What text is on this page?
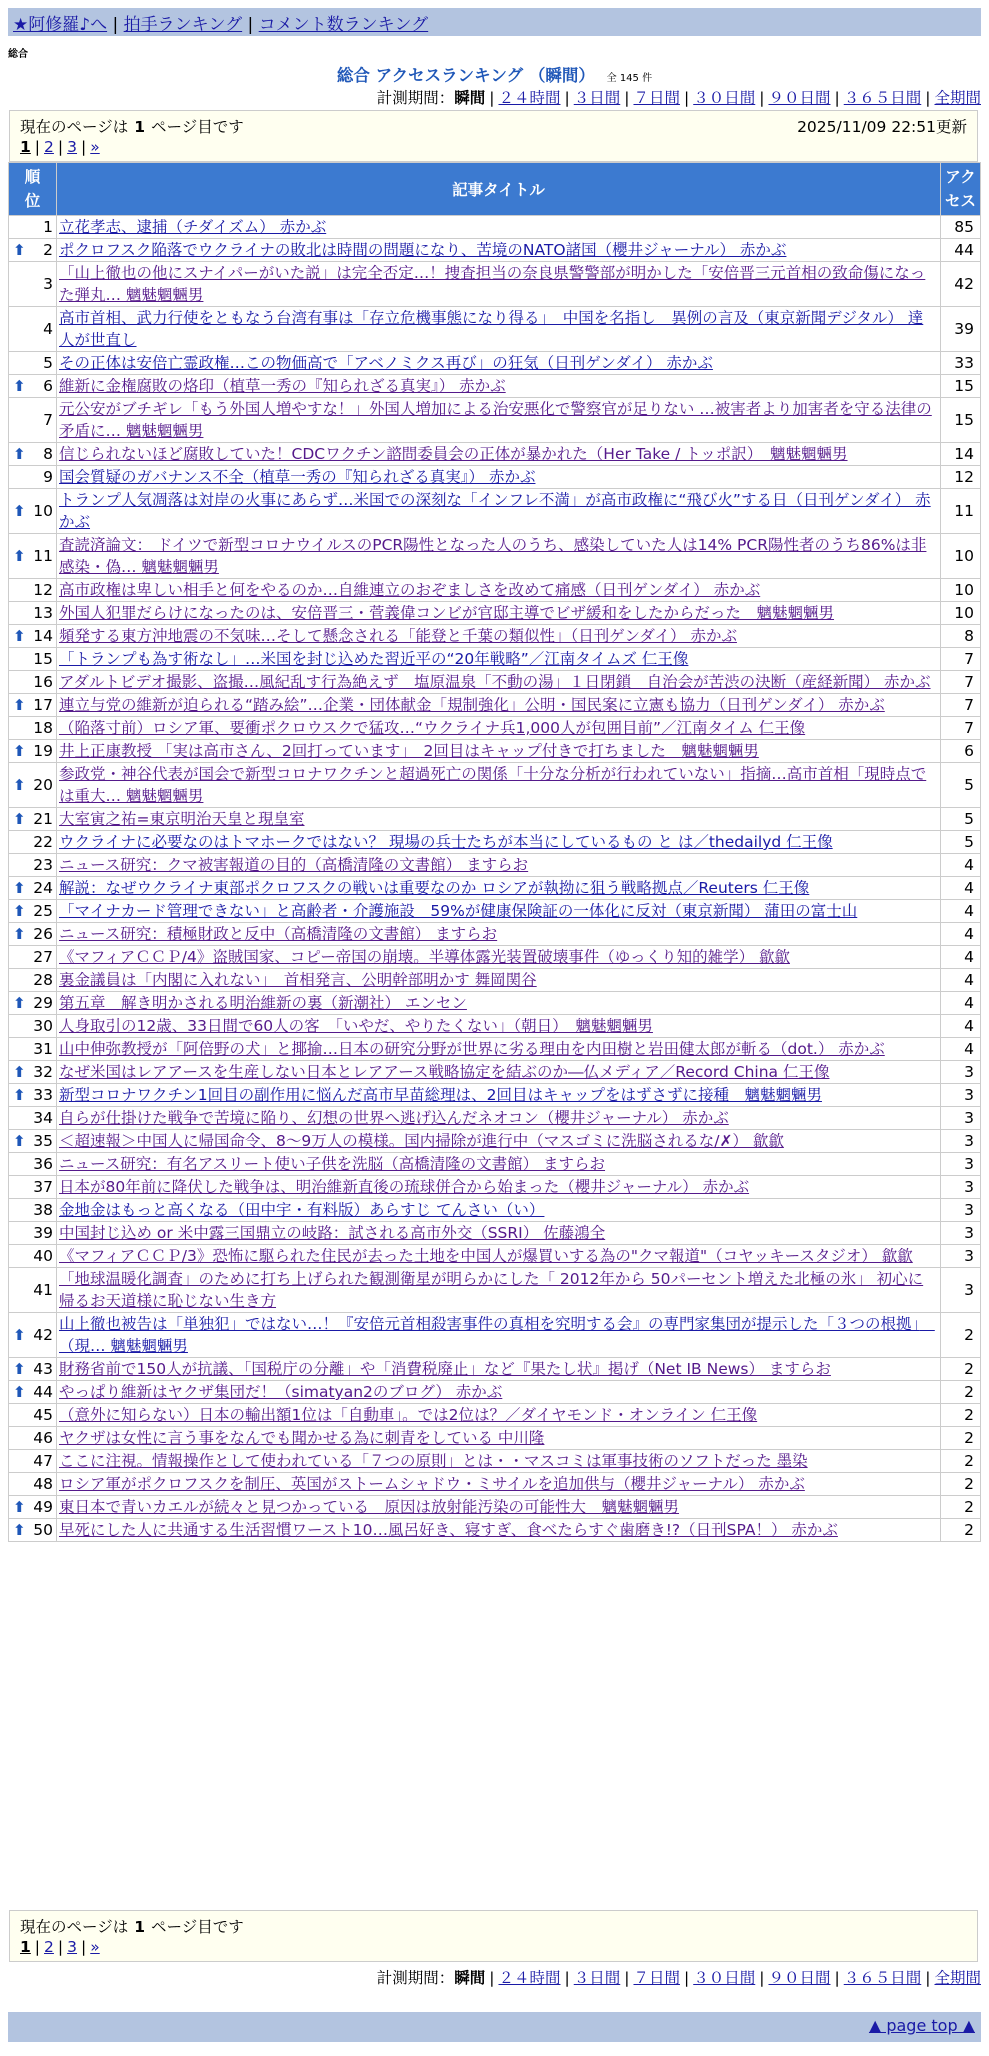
★阿修羅♪へ | 拍手ランキング | コメント数ランキング
総合
総合 アクセスランキング （瞬間） 全 145 件
計測期間：瞬間 | ２４時間 | ３日間 | ７日間 | ３０日間 | ９０日間 | ３６５日間 | 全期間
現在のページは 1 ページ目です	2025/11/09 22:51更新
1 | 2 | 3 | »
順位	記事タイトル	アクセス
1	立花孝志、逮捕（チダイズム） 赤かぶ	85

⬆ 2	ポクロフスク陥落でウクライナの敗北は時間の問題になり、苦境のNATO諸国（櫻井ジャーナル） 赤かぶ	44
3	「山上徹也の他にスナイパーがいた説」は完全否定…！捜査担当の奈良県警警部が明かした「安倍晋三元首相の致命傷になった弾丸… 魑魅魍魎男	42
4	高市首相、武力行使をともなう台湾有事は「存立危機事態になり得る」　中国を名指し　異例の言及（東京新聞デジタル） 達人が世直し	39
5	その正体は安倍亡霊政権…この物価高で「アベノミクス再び」の狂気（日刊ゲンダイ） 赤かぶ	33

⬆ 6	維新に金権腐敗の烙印（植草一秀の『知られざる真実』） 赤かぶ	15
7	元公安がブチギレ「もう外国人増やすな！」外国人増加による治安悪化で警察官が足りない …被害者より加害者を守る法律の矛盾に… 魑魅魍魎男	15

⬆ 8	信じられないほど腐敗していた！CDCワクチン諮問委員会の正体が暴かれた（Her Take / トッポ訳）　魑魅魍魎男	14
9	国会質疑のガバナンス不全（植草一秀の『知られざる真実』） 赤かぶ	12

⬆ 10	トランプ人気凋落は対岸の火事にあらず…米国での深刻な「インフレ不満」が高市政権に“飛び火”する日（日刊ゲンダイ） 赤かぶ	11

⬆ 11	査読済論文： ドイツで新型コロナウイルスのPCR陽性となった人のうち、感染していた人は14% PCR陽性者のうち86%は非感染・偽… 魑魅魍魎男	10
12	高市政権は卑しい相手と何をやるのか…自維連立のおぞましさを改めて痛感（日刊ゲンダイ） 赤かぶ	10
13	外国人犯罪だらけになったのは、安倍晋三・菅義偉コンビが官邸主導でビザ緩和をしたからだった　魑魅魍魎男	10

⬆ 14	頻発する東方沖地震の不気味…そして懸念される「能登と千葉の類似性」（日刊ゲンダイ） 赤かぶ	8
15	「トランプも為す術なし」…米国を封じ込めた習近平の“20年戦略”／江南タイムズ 仁王像	7
16	アダルトビデオ撮影、盗撮…風紀乱す行為絶えず　塩原温泉「不動の湯」１日閉鎖　自治会が苦渋の決断（産経新聞） 赤かぶ	7

⬆ 17	連立与党の維新が迫られる“踏み絵”…企業・団体献金「規制強化」公明・国民案に立憲も協力（日刊ゲンダイ） 赤かぶ	7
18	（陥落寸前）ロシア軍、要衝ポクロウスクで猛攻…“ウクライナ兵1,000人が包囲目前”／江南タイム 仁王像	7

⬆ 19	井上正康教授 「実は高市さん、2回打っています」　2回目はキャップ付きで打ちました　魑魅魍魎男	6

⬆ 20	参政党・神谷代表が国会で新型コロナワクチンと超過死亡の関係「十分な分析が行われていない」指摘…高市首相「現時点では重大… 魑魅魍魎男	5

⬆ 21	大室寅之祐=東京明治天皇と現皇室	5
22	ウクライナに必要なのはトマホークではない？ 現場の兵士たちが本当にしているもの と は／thedailyd 仁王像	5
23	ニュース研究：クマ被害報道の目的（高橋清隆の文書館） ますらお	4

⬆ 24	解説：なぜウクライナ東部ポクロフスクの戦いは重要なのか ロシアが執拗に狙う戦略拠点／Reuters 仁王像	4

⬆ 25	「マイナカード管理できない」と高齢者・介護施設　59%が健康保険証の一体化に反対（東京新聞） 蒲田の富士山	4

⬆ 26	ニュース研究：積極財政と反中（高橋清隆の文書館） ますらお	4
27	《マフィアＣＣＰ/4》盗賊国家、コピー帝国の崩壊。半導体露光装置破壊事件（ゆっくり知的雑学） 歙歙	4
28	裏金議員は「内閣に入れない」　首相発言、公明幹部明かす 舞岡関谷	4

⬆ 29	第五章　解き明かされる明治維新の裏（新潮社） エンセン	4
30	人身取引の12歳、33日間で60人の客　「いやだ、やりたくない」（朝日）　魑魅魍魎男	4
31	山中伸弥教授が「阿倍野の犬」と揶揄…日本の研究分野が世界に劣る理由を内田樹と岩田健太郎が斬る（dot.） 赤かぶ	4

⬆ 32	なぜ米国はレアアースを生産しない日本とレアアース戦略協定を結ぶのか―仏メディア／Record China 仁王像	3

⬆ 33	新型コロナワクチン1回目の副作用に悩んだ高市早苗総理は、2回目はキャップをはずさずに接種　魑魅魍魎男	3
34	自らが仕掛けた戦争で苦境に陥り、幻想の世界へ逃げ込んだネオコン（櫻井ジャーナル） 赤かぶ	3

⬆ 35	＜超速報＞中国人に帰国命令、8～9万人の模様。国内掃除が進行中（マスゴミに洗脳されるな/✗） 歙歙	3
36	ニュース研究：有名アスリート使い子供を洗脳（高橋清隆の文書館） ますらお	3
37	日本が80年前に降伏した戦争は、明治維新直後の琉球併合から始まった（櫻井ジャーナル） 赤かぶ	3
38	金地金はもっと高くなる（田中宇・有料版）あらすじ てんさい（い）	3
39	中国封じ込め or 米中露三国鼎立の岐路：試される高市外交（SSRI） 佐藤鴻全	3
40	《マフィアＣＣＰ/3》恐怖に駆られた住民が去った土地を中国人が爆買いする為の"クマ報道"（コヤッキースタジオ） 歙歙	3
41	「地球温暖化調査」のために打ち上げられた観測衛星が明らかにした「 2012年から 50パーセント増えた北極の氷」 初心に帰るお天道様に恥じない生き方	3

⬆ 42	山上徹也被告は「単独犯」ではない…！『安倍元首相殺害事件の真相を究明する会』の専門家集団が提示した「３つの根拠」　（現… 魑魅魍魎男	2

⬆ 43	財務省前で150人が抗議、「国税庁の分離」や「消費税廃止」など『果たし状』掲げ（Net IB News） ますらお	2

⬆ 44	やっぱり維新はヤクザ集団だ！（simatyan2のブログ） 赤かぶ	2
45	（意外に知らない）日本の輸出額1位は「自動車」。では2位は？／ダイヤモンド・オンライン 仁王像	2
46	ヤクザは女性に言う事をなんでも聞かせる為に刺青をしている 中川隆	2
47	ここに注視。情報操作として使われている「７つの原則」とは・・マスコミは軍事技術のソフトだった 墨染	2
48	ロシア軍がポクロフスクを制圧、英国がストームシャドウ・ミサイルを追加供与（櫻井ジャーナル） 赤かぶ	2

⬆ 49	東日本で青いカエルが続々と見つかっている　原因は放射能汚染の可能性大　魑魅魍魎男	2

⬆ 50	早死にした人に共通する生活習慣ワースト10…風呂好き、寝すぎ、食べたらすぐ歯磨き!?（日刊SPA！） 赤かぶ	2
現在のページは 1 ページ目です
1 | 2 | 3 | »
計測期間：瞬間 | ２４時間 | ３日間 | ７日間 | ３０日間 | ９０日間 | ３６５日間 | 全期間
▲ page top ▲
